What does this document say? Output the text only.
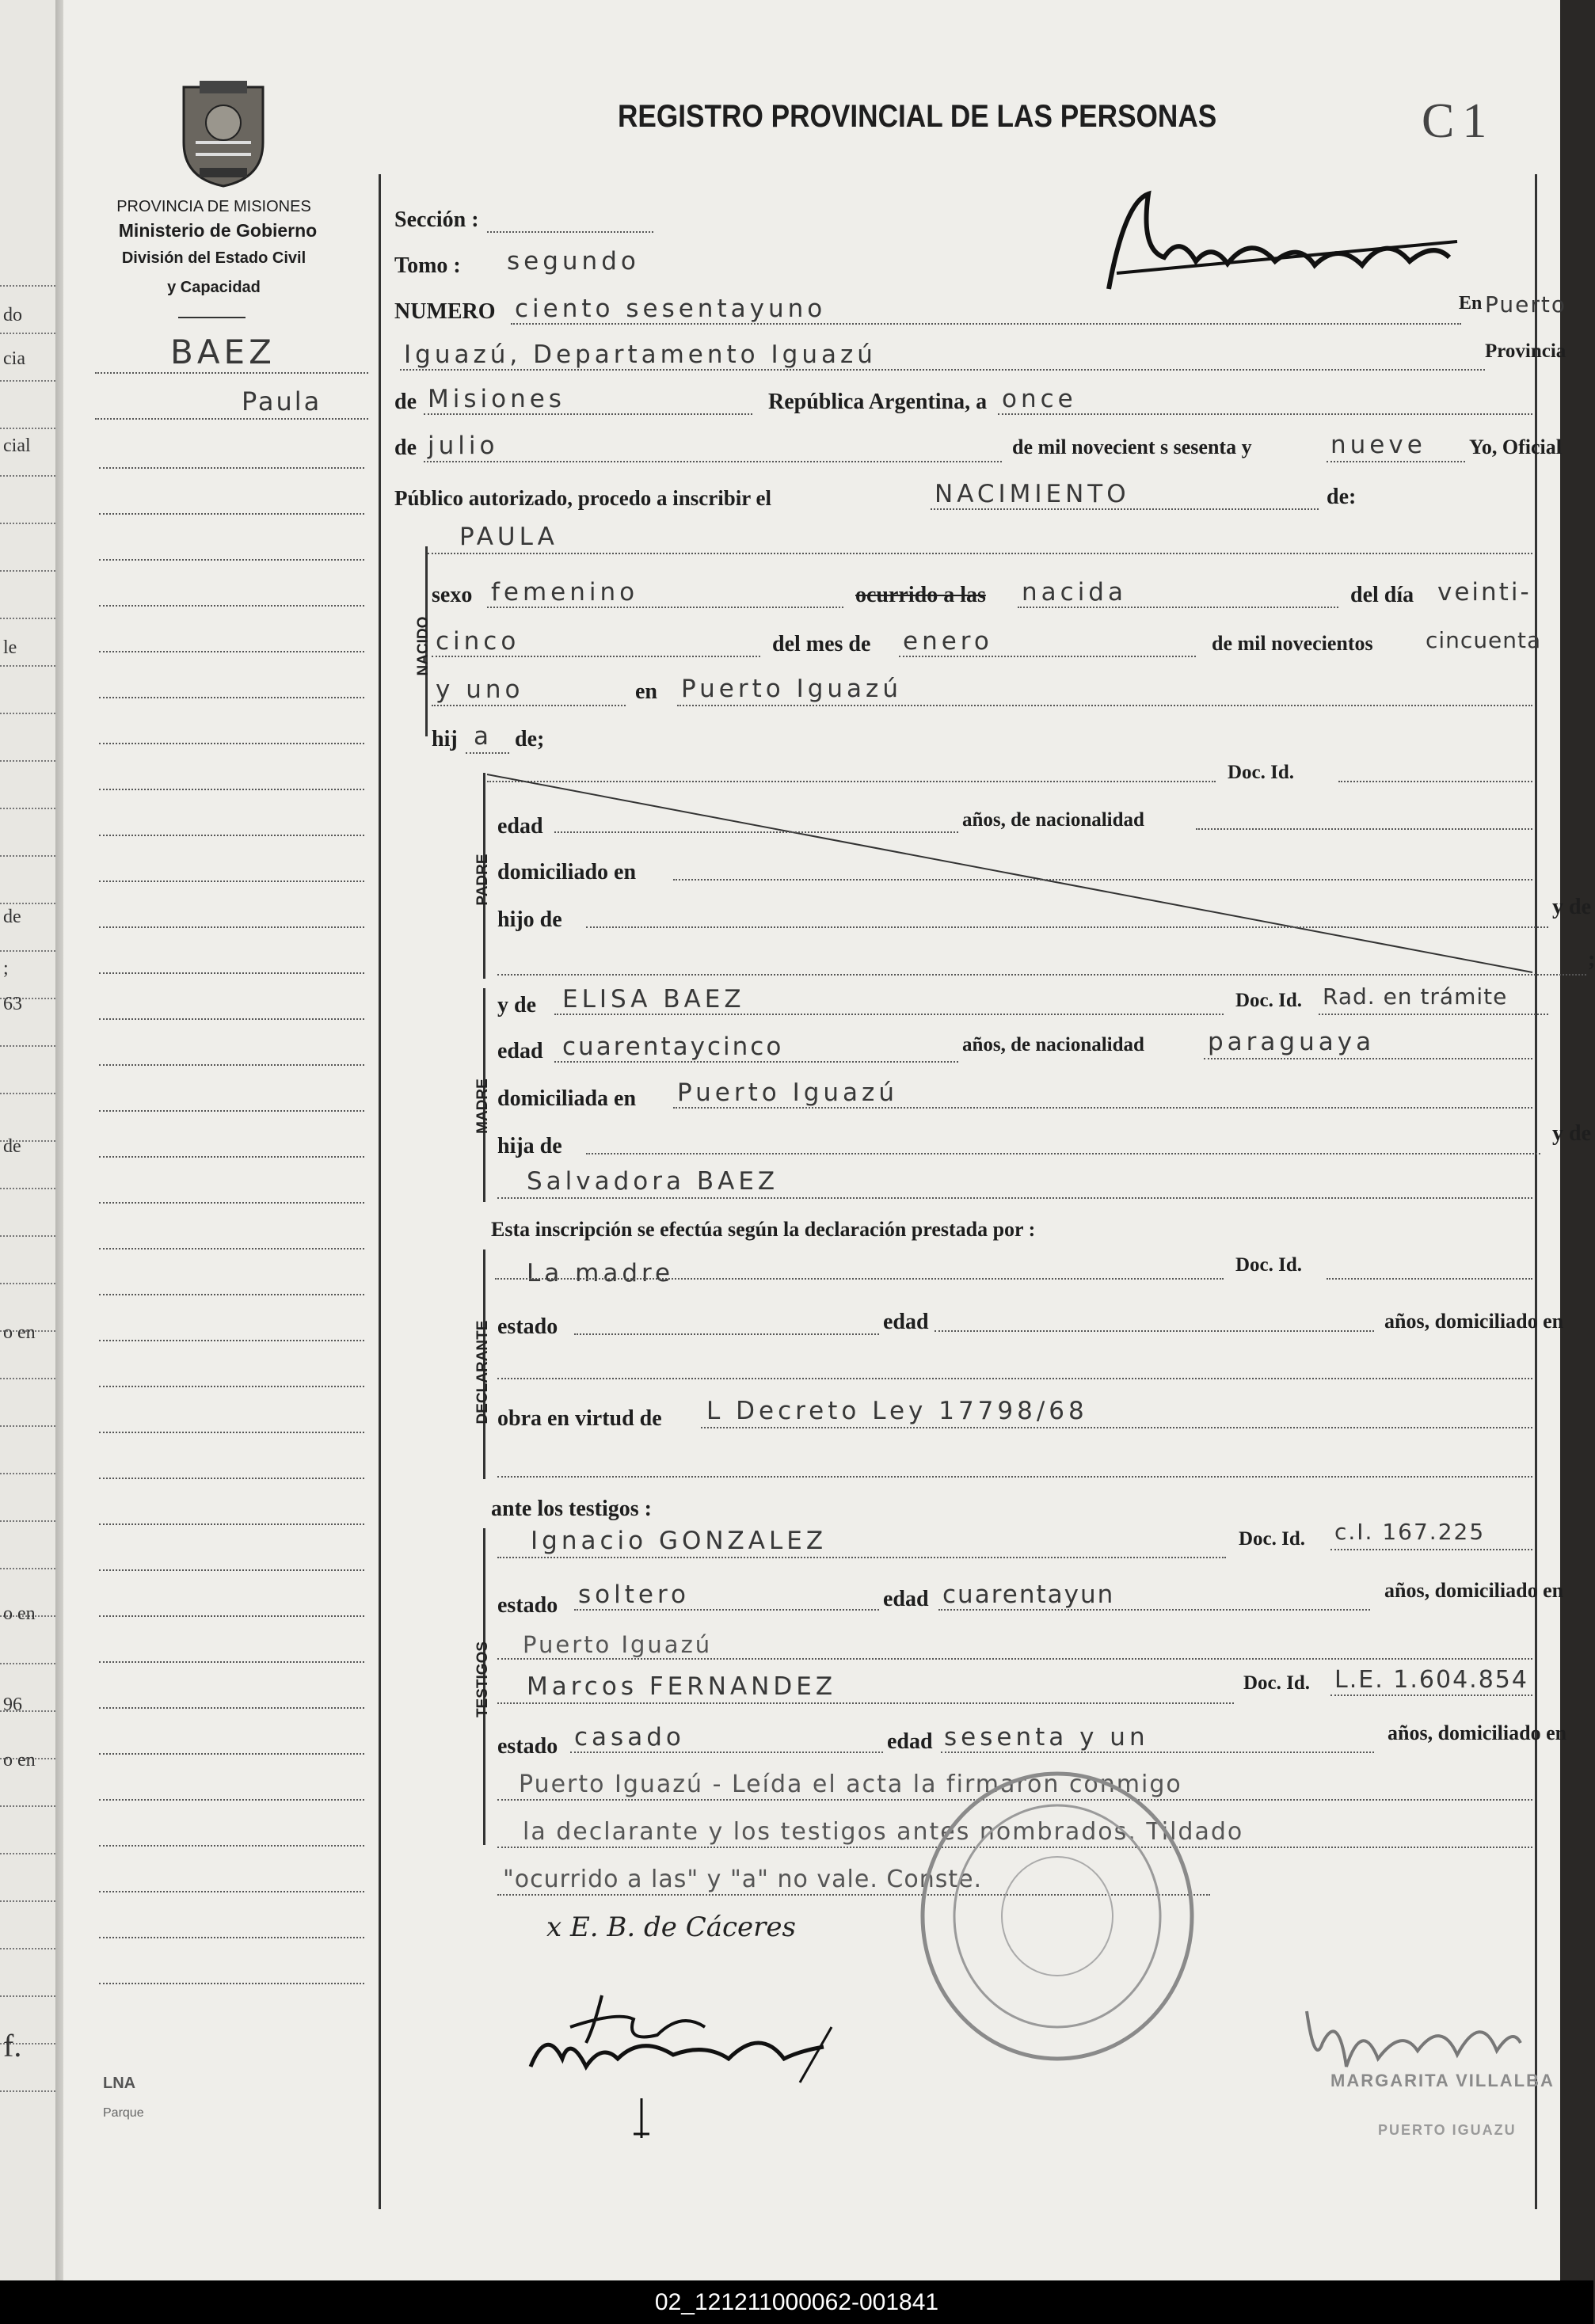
do
cia
cial
le
de
;
63
de
o en
o en
96
o en
f.
PROVINCIA DE MISIONES
Ministerio de Gobierno
División del Estado Civil
y Capacidad
BAEZ
Paula
LNA
Parque
REGISTRO PROVINCIAL DE LAS PERSONAS	C1
Sección :
Tomo : segundo
NUMERO ciento sesentayuno	En Puerto
Iguazú, Departamento Iguazú	Provincia
de Misiones	República Argentina, a once
de julio	de mil novecient s sesenta y	nueve Yo, Oficial
Público autorizado, procedo a inscribir el	NACIMIENTO	de:
NACIDO
PAULA
sexo femenino	ocurrido a las nacida	del día veinti-
cinco	del mes de enero	de mil novecientos cincuenta
y uno	en Puerto Iguazú
hij a de;
PADRE
Doc. Id.
edad	años, de nacionalidad
domiciliado en
hijo de
y de
;
MADRE
y de ELISA BAEZ	Doc. Id. Rad. en trámite
edad cuarentaycinco	años, de nacionalidad	paraguaya
domiciliada en Puerto Iguazú
hija de
y de
Salvadora BAEZ
Esta inscripción se efectúa según la declaración prestada por :
DECLARANTE
La madre	Doc. Id.
estado	edad	años, domiciliado en
obra en virtud de L Decreto Ley 17798/68
ante los testigos :
TESTIGOS
Ignacio GONZALEZ	Doc. Id. c.I. 167.225
estado soltero	edad cuarentayun	años, domiciliado en
Puerto Iguazú
Marcos FERNANDEZ	Doc. Id. L.E. 1.604.854
estado casado	edad sesenta y un	años, domiciliado en
Puerto Iguazú - Leída el acta la firmaron conmigo
la declarante y los testigos antes nombrados. Tildado
"ocurrido a las" y "a" no vale. Conste.
x E. B. de Cáceres
MARGARITA VILLALBA
PUERTO IGUAZU
02_121211000062-001841
